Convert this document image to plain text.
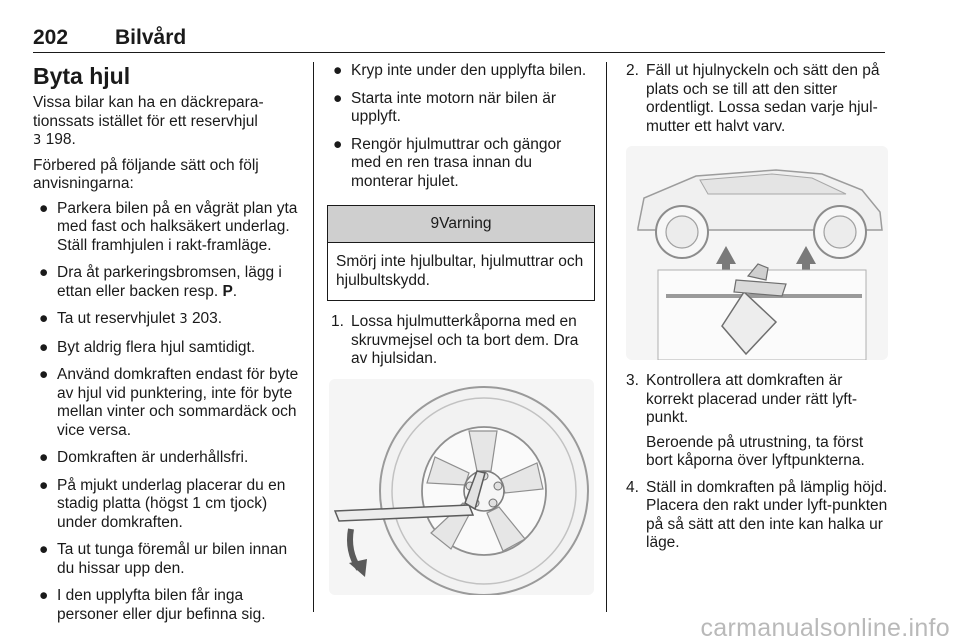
202 Bilvård
Byta hjul

Vissa bilar kan ha en däckrepara-tionssats istället för ett reservhjul
3 198.

Förbered på följande sätt och följ anvisningarna:

● Parkera bilen på en vågrät plan yta med fast och halksäkert underlag. Ställ framhjulen i rakt-framläge.
● Dra åt parkeringsbromsen, lägg i ettan eller backen resp. P.
● Ta ut reservhjulet 3 203.
● Byt aldrig flera hjul samtidigt.
● Använd domkraften endast för byte av hjul vid punktering, inte för byte mellan vinter och sommardäck och vice versa.
● Domkraften är underhållsfri.
● På mjukt underlag placerar du en stadig platta (högst 1 cm tjock) under domkraften.
● Ta ut tunga föremål ur bilen innan du hissar upp den.
● I den upplyfta bilen får inga personer eller djur befinna sig.
● Kryp inte under den upplyfta bilen.
● Starta inte motorn när bilen är upplyft.
● Rengör hjulmuttrar och gängor med en ren trasa innan du monterar hjulet.
9Varning
Smörj inte hjulbultar, hjulmuttrar och hjulbultskydd.
1. Lossa hjulmutterkåporna med en skruvmejsel och ta bort dem. Dra av hjulsidan.
2. Fäll ut hjulnyckeln och sätt den på plats och se till att den sitter ordentligt. Lossa sedan varje hjul-mutter ett halvt varv.
3. Kontrollera att domkraften är korrekt placerad under rätt lyft-punkt.
Beroende på utrustning, ta först bort kåporna över lyftpunkterna.
4. Ställ in domkraften på lämplig höjd. Placera den rakt under lyft-punkten på så sätt att den inte kan halka ur läge.
carmanualsonline.info
